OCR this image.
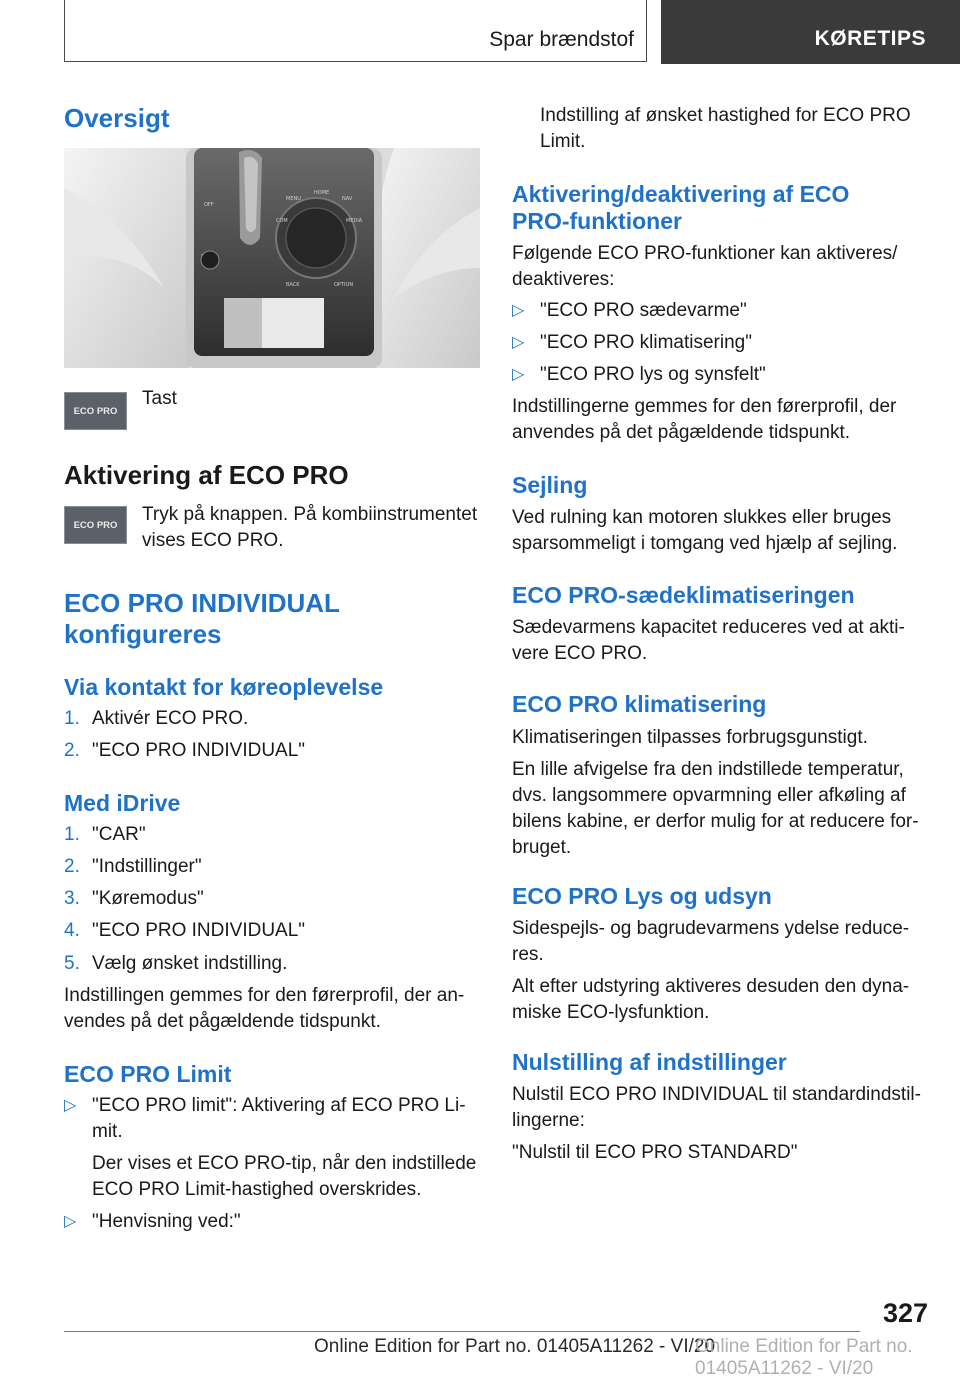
Spar brændstof	KØRETIPS
Oversigt
MENU
HOME
NAV
COM	MEDIA
BACK	OPTION
OFF
ECO PRO
Tast
Aktivering af ECO PRO
ECO PRO Tryk på knappen. På kombiinstrumentet vises ECO PRO.
ECO PRO INDIVIDUAL
konfigureres
Via kontakt for køreoplevelse
1. Aktivér ECO PRO.
2. "ECO PRO INDIVIDUAL"
Med iDrive
1. "CAR"
2. "Indstillinger"
3. "Køremodus"
4. "ECO PRO INDIVIDUAL"
5. Vælg ønsket indstilling.
Indstillingen gemmes for den førerprofil, der an-
vendes på det pågældende tidspunkt.
ECO PRO Limit
▷ "ECO PRO limit": Aktivering af ECO PRO Li-
mit.
Der vises et ECO PRO-tip, når den indstillede
ECO PRO Limit-hastighed overskrides.
▷ "Henvisning ved:"
Indstilling af ønsket hastighed for ECO PRO
Limit.
Aktivering/deaktivering af ECO
PRO-funktioner
Følgende ECO PRO-funktioner kan aktiveres/
deaktiveres:
▷ "ECO PRO sædevarme"
▷ "ECO PRO klimatisering"
▷ "ECO PRO lys og synsfelt"
Indstillingerne gemmes for den førerprofil, der
anvendes på det pågældende tidspunkt.
Sejling
Ved rulning kan motoren slukkes eller bruges
sparsommeligt i tomgang ved hjælp af sejling.
ECO PRO-sædeklimatiseringen
Sædevarmens kapacitet reduceres ved at akti-
vere ECO PRO.
ECO PRO klimatisering
Klimatiseringen tilpasses forbrugsgunstigt.
En lille afvigelse fra den indstillede temperatur,
dvs. langsommere opvarmning eller afkøling af
bilens kabine, er derfor mulig for at reducere for-
bruget.
ECO PRO Lys og udsyn
Sidespejls- og bagrudevarmens ydelse reduce-
res.
Alt efter udstyring aktiveres desuden den dyna-
miske ECO-lysfunktion.
Nulstilling af indstillinger
Nulstil ECO PRO INDIVIDUAL til standardindstil-
lingerne:
"Nulstil til ECO PRO STANDARD"
327
Online Edition for Part no. 01405A11262 - VI/20
Online Edition for Part no. 01405A11262 - VI/20
